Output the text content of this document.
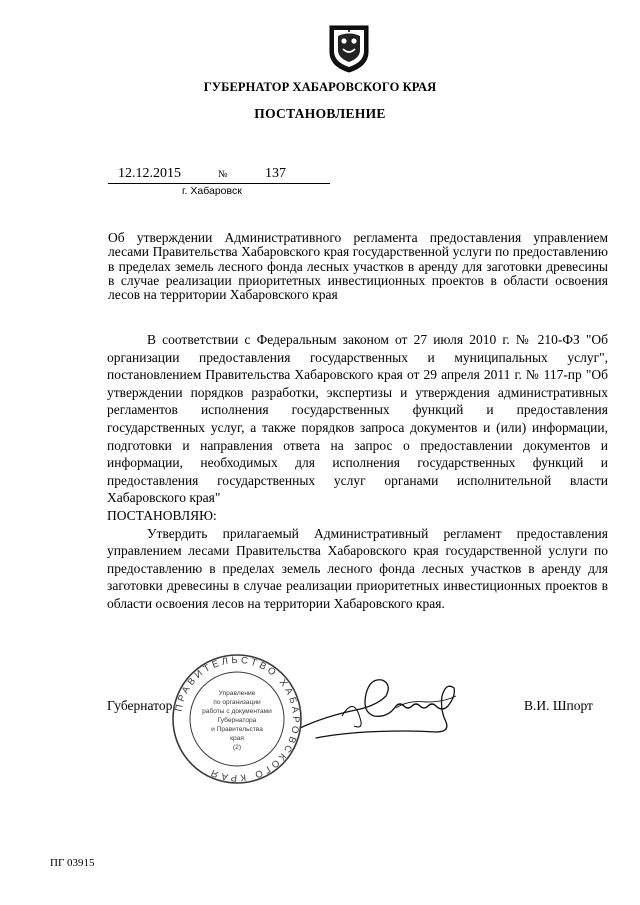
ГУБЕРНАТОР ХАБАРОВСКОГО КРАЯ
ПОСТАНОВЛЕНИЕ
12.12.2015	№	137
г. Хабаровск
Об утверждении Административного регламента предоставления управлением лесами Правительства Хабаровского края государственной услуги по предоставлению в пределах земель лесного фонда лесных участков в аренду для заготовки древесины в случае реализации приоритетных инвестиционных проектов в области освоения лесов на территории Хабаровского края

В соответствии с Федеральным законом от 27 июля 2010 г. № 210-ФЗ "Об организации предоставления государственных и муниципальных услуг", постановлением Правительства Хабаровского края от 29 апреля 2011 г. № 117-пр "Об утверждении порядков разработки, экспертизы и утверждения административных регламентов исполнения государственных функций и предоставления государственных услуг, а также порядков запроса документов и (или) информации, подготовки и направления ответа на запрос о предоставлении документов и информации, необходимых для исполнения государственных функций и предоставления государственных услуг органами исполнительной власти Хабаровского края"

ПОСТАНОВЛЯЮ:

Утвердить прилагаемый Административный регламент предоставления управлением лесами Правительства Хабаровского края государственной услуги по предоставлению в пределах земель лесного фонда лесных участков в аренду для заготовки древесины в случае реализации приоритетных инвестиционных проектов в области освоения лесов на территории Хабаровского края.

Губернатор	В.И. Шпорт
ПРАВИТЕЛЬСТВО ХАБАРОВСКОГО КРАЯ
Управление
по организации
работы с документами
Губернатора
и Правительства
края
(2)
ПГ 03915
